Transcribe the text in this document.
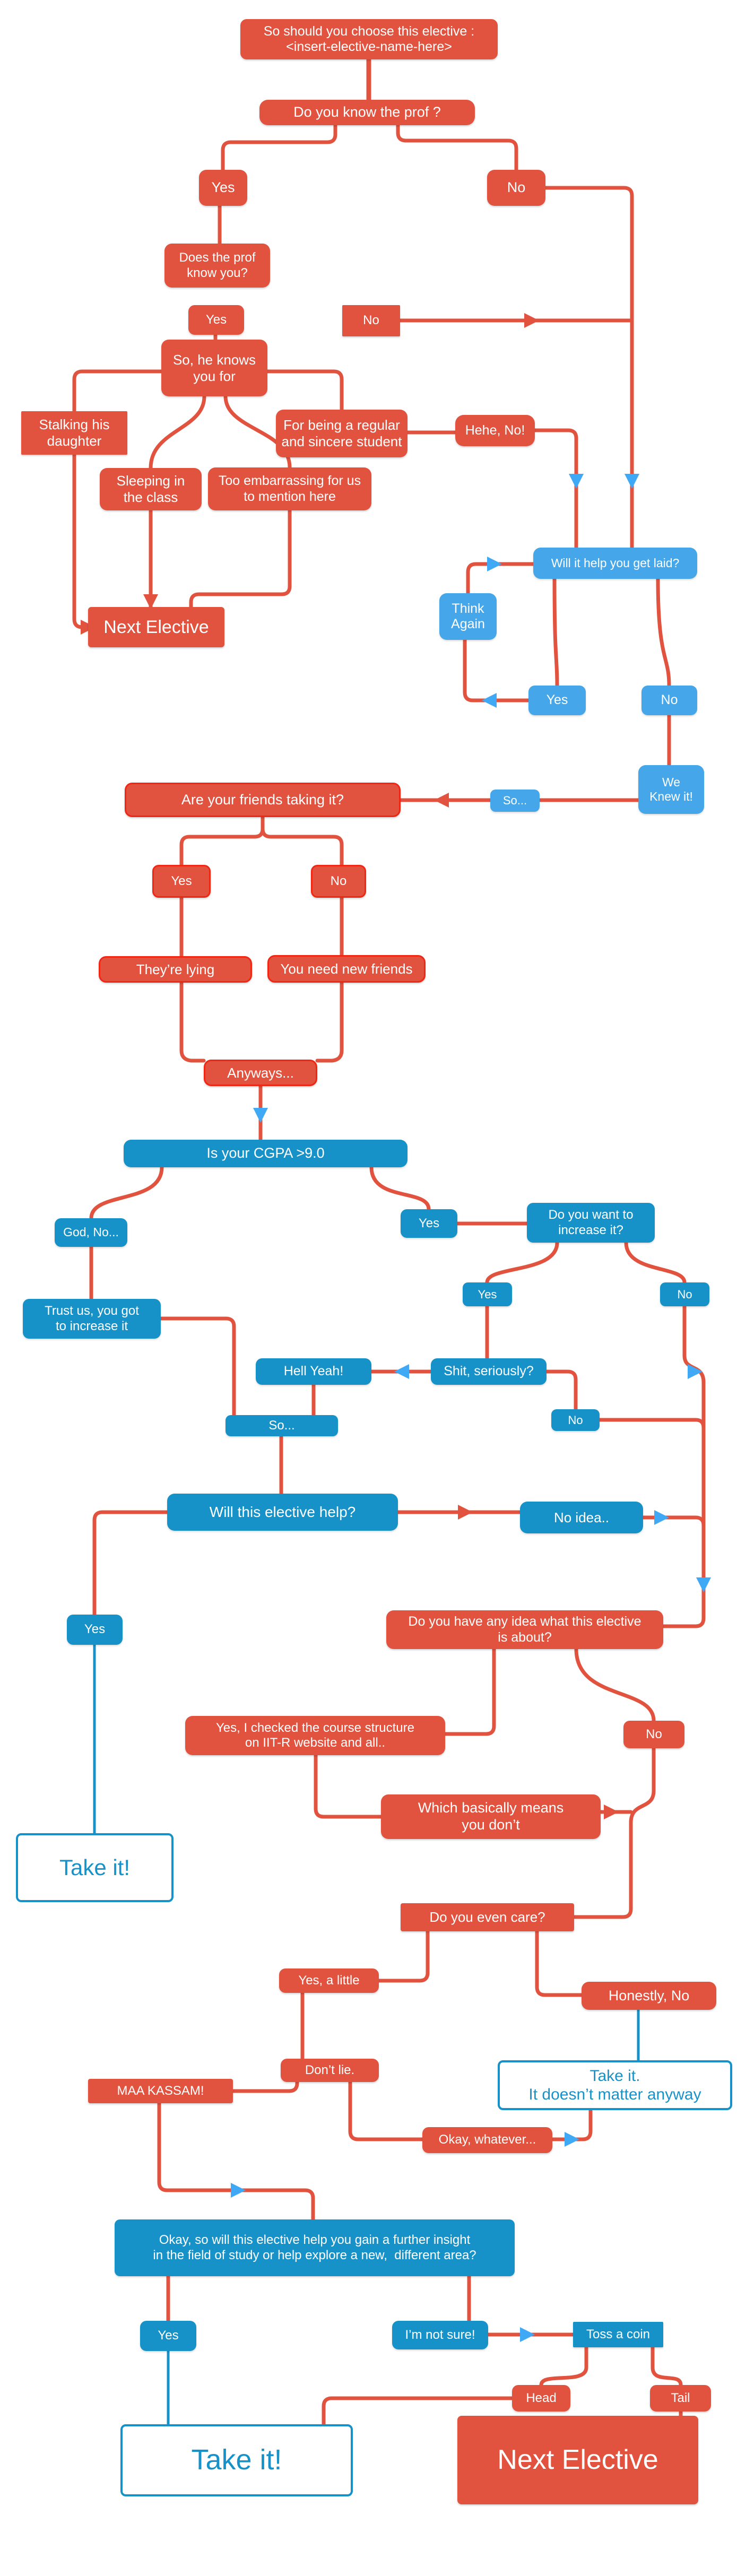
So should you choose this elective :
<insert-elective-name-here>
Do you know the prof ?
Yes	No
Does the prof
know you?
Yes	No
So, he knows
you for
Stalking his
daughter
For being a regular
and sincere student
Sleeping in
the class
Too embarrassing for us
to mention here
Hehe, No!
Next Elective
Will it help you get laid?
Think
Again
Yes	No
We
Knew it!
So...
Are your friends taking it?
Yes	No
They’re lying	You need new friends
Anyways...
Is your CGPA >9.0
God, No...
Yes
Do you want to
increase it?
Trust us, you got
to increase it
Yes	No
Hell Yeah!	Shit, seriously?
No
So...
Will this elective help?	No idea..
Yes
Do you have any idea what this elective
is about?
Yes, I checked the course structure
on IIT-R website and all..
No
Which basically means
you don’t
Take it!
Do you even care?
Yes, a little
Honestly, No
Don’t lie.	Take it.
It doesn’t matter anyway
MAA KASSAM!
Okay, whatever...
Okay, so will this elective help you gain a further insight
in the field of study or help explore a new,  different area?
Yes	I’m not sure!	Toss a coin
Head	Tail
Take it!	Next Elective
